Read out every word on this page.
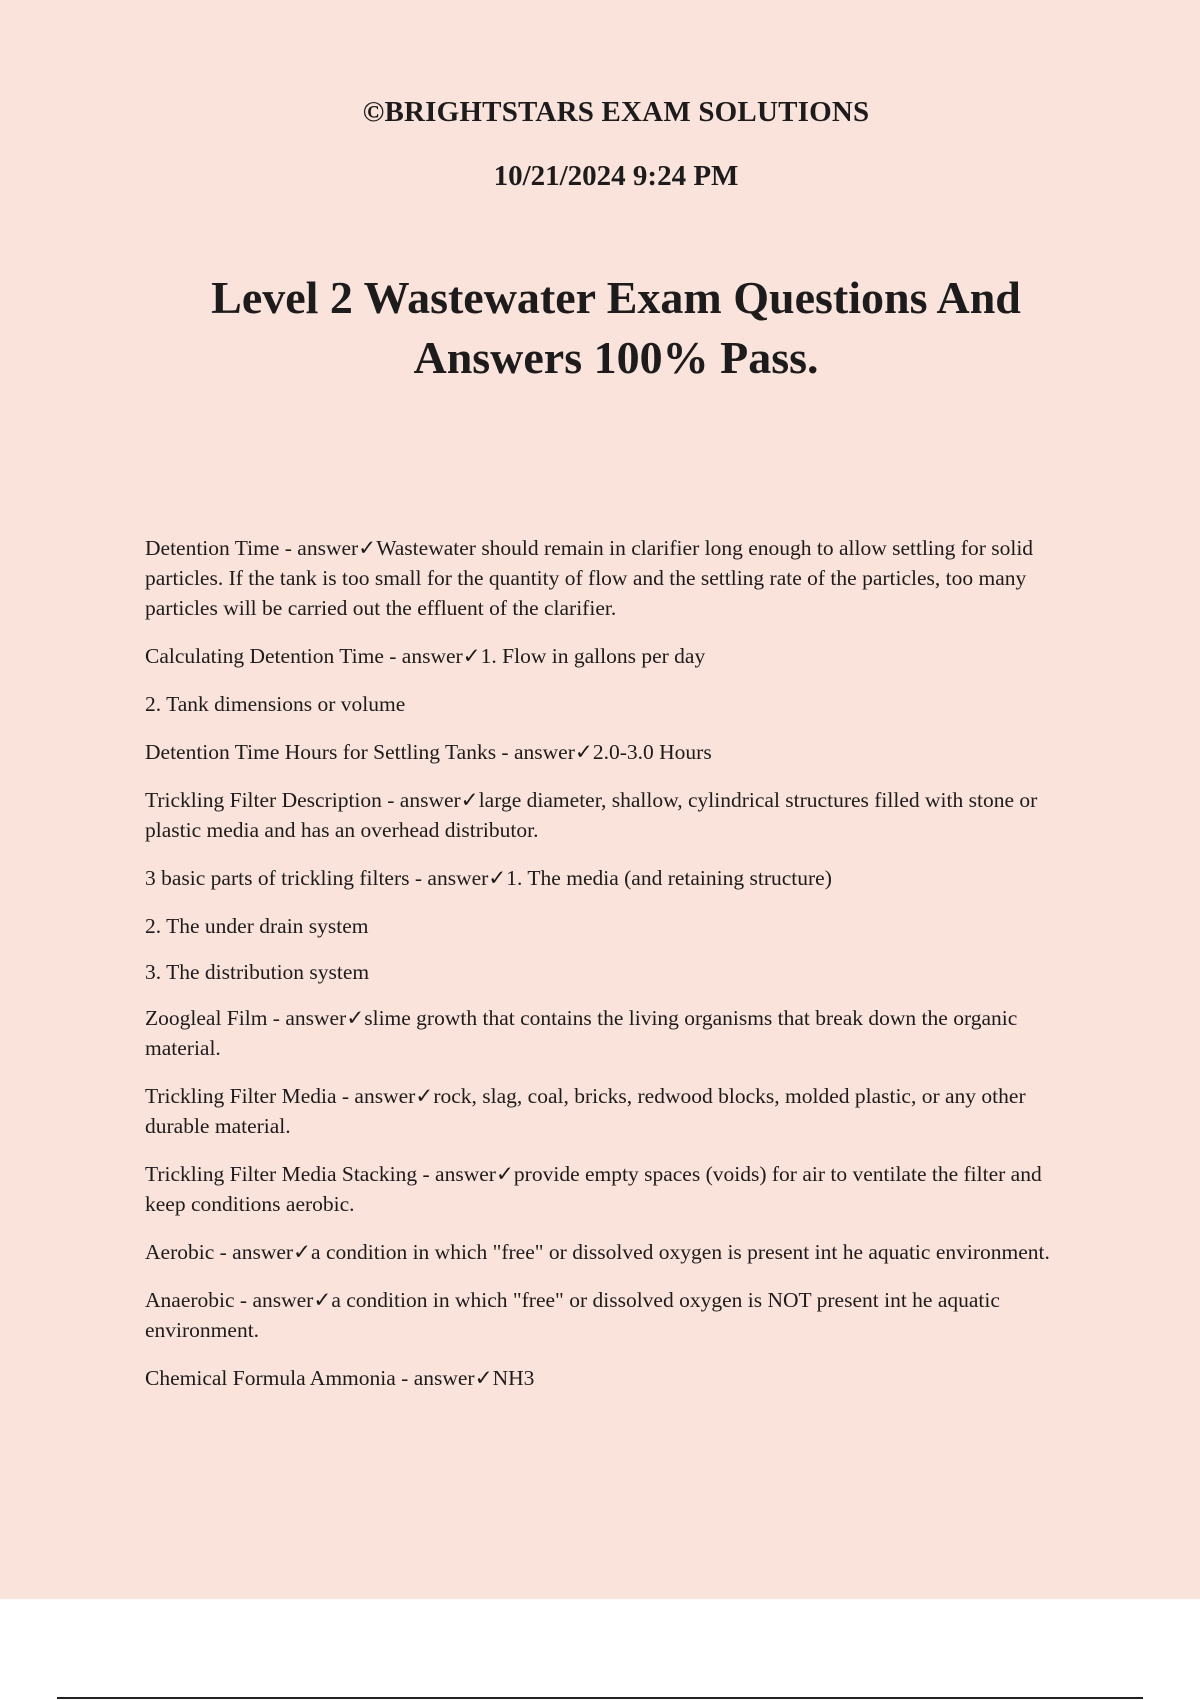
©BRIGHTSTARS EXAM SOLUTIONS
10/21/2024 9:24 PM
Level 2 Wastewater Exam Questions And Answers 100% Pass.

Detention Time - answer✓Wastewater should remain in clarifier long enough to allow settling for solid particles. If the tank is too small for the quantity of flow and the settling rate of the particles, too many particles will be carried out the effluent of the clarifier.

Calculating Detention Time - answer✓1. Flow in gallons per day

2. Tank dimensions or volume

Detention Time Hours for Settling Tanks - answer✓2.0-3.0 Hours

Trickling Filter Description - answer✓large diameter, shallow, cylindrical structures filled with stone or plastic media and has an overhead distributor.

3 basic parts of trickling filters - answer✓1. The media (and retaining structure)

2. The under drain system

3. The distribution system

Zoogleal Film - answer✓slime growth that contains the living organisms that break down the organic material.

Trickling Filter Media - answer✓rock, slag, coal, bricks, redwood blocks, molded plastic, or any other durable material.

Trickling Filter Media Stacking - answer✓provide empty spaces (voids) for air to ventilate the filter and keep conditions aerobic.

Aerobic - answer✓a condition in which "free" or dissolved oxygen is present int he aquatic environment.

Anaerobic - answer✓a condition in which "free" or dissolved oxygen is NOT present int he aquatic environment.

Chemical Formula Ammonia - answer✓NH3
